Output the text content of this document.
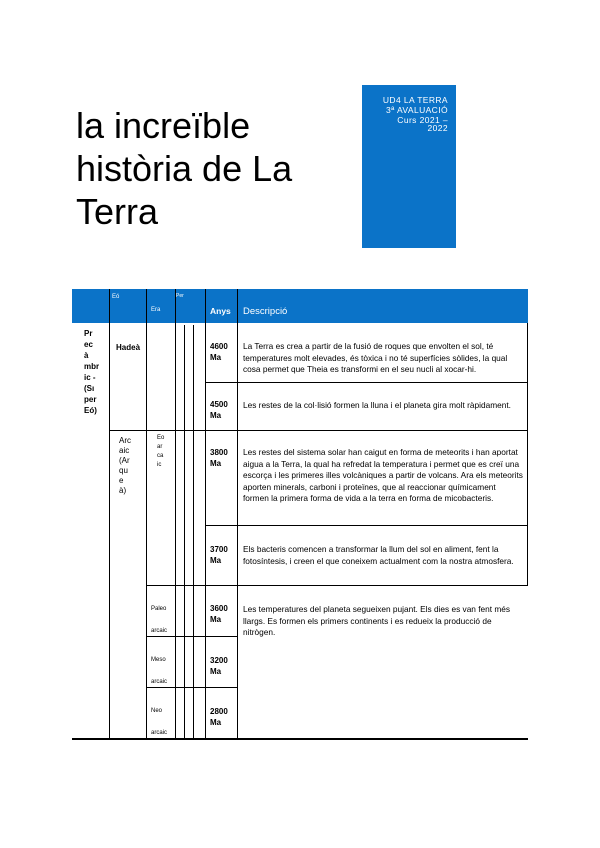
la increïble història de La Terra
UD4 LA TERRA
3ª AVALUACIÓ
Curs 2021 –
2022
Eó
Era
Per
Anys Descripció
Pr
ec
à
mbr
ic -
(Sı
per
Eó)
Hadeà
Arc
aic
(Ar
qu
e
à)
Eo
ar
ca
ic
Paleo
arcaic
Meso
arcaic
Neo
arcaic
4600
Ma
4500
Ma
3800
Ma
3700
Ma
3600
Ma
3200
Ma
2800
Ma
La Terra es crea a partir de la fusió de roques que envolten el sol, té temperatures molt elevades, és tòxica i no té superfícies sòlides, la qual cosa permet que Theia es transformi en el seu nucli al xocar-hi.
Les restes de la col·lisió formen la lluna i el planeta gira molt ràpidament.
Les restes del sistema solar han caigut en forma de meteorits i han aportat aigua a la Terra, la qual ha refredat la temperatura i permet que es creï una escorça i les primeres illes volcàniques a partir de volcans. Ara els meteorits aporten minerals, carboni i proteïnes, que al reaccionar químicament formen la primera forma de vida a la terra en forma de micobacteris.
Els bacteris comencen a transformar la llum del sol en aliment, fent la fotosíntesis, i creen el que coneixem actualment com la nostra atmosfera.
Les temperatures del planeta segueixen pujant. Els dies es van fent més llargs. Es formen els primers continents i es redueix la producció de nitrògen.
